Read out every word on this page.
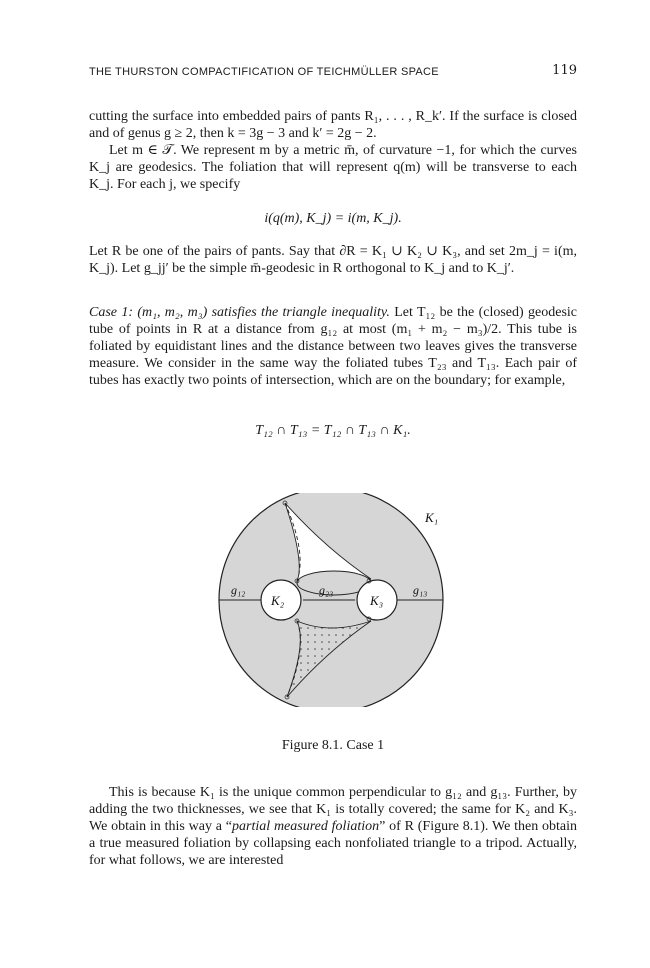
THE THURSTON COMPACTIFICATION OF TEICHMÜLLER SPACE	119

cutting the surface into embedded pairs of pants R₁, . . . , R_k′. If the surface is closed and of genus g ≥ 2, then k = 3g − 3 and k′ = 2g − 2.

Let m ∈ 𝒯. We represent m by a metric m̄, of curvature −1, for which the curves K_j are geodesics. The foliation that will represent q(m) will be transverse to each K_j. For each j, we specify

i(q(m), K_j) = i(m, K_j).

Let R be one of the pairs of pants. Say that ∂R = K₁ ∪ K₂ ∪ K₃, and set 2m_j = i(m, K_j). Let g_jj′ be the simple m̄-geodesic in R orthogonal to K_j and to K_j′.

Case 1: (m₁, m₂, m₃) satisfies the triangle inequality. Let T₁₂ be the (closed) geodesic tube of points in R at a distance from g₁₂ at most (m₁ + m₂ − m₃)/2. This tube is foliated by equidistant lines and the distance between two leaves gives the transverse measure. We consider in the same way the foliated tubes T₂₃ and T₁₃. Each pair of tubes has exactly two points of intersection, which are on the boundary; for example,

T₁₂ ∩ T₁₃ = T₁₂ ∩ T₁₃ ∩ K₁.
K₁
K₂	K₃
g₁₂	g₂₃	g₁₃
Figure 8.1. Case 1

This is because K₁ is the unique common perpendicular to g₁₂ and g₁₃. Further, by adding the two thicknesses, we see that K₁ is totally covered; the same for K₂ and K₃. We obtain in this way a “partial measured foliation” of R (Figure 8.1). We then obtain a true measured foliation by collapsing each nonfoliated triangle to a tripod. Actually, for what follows, we are interested
